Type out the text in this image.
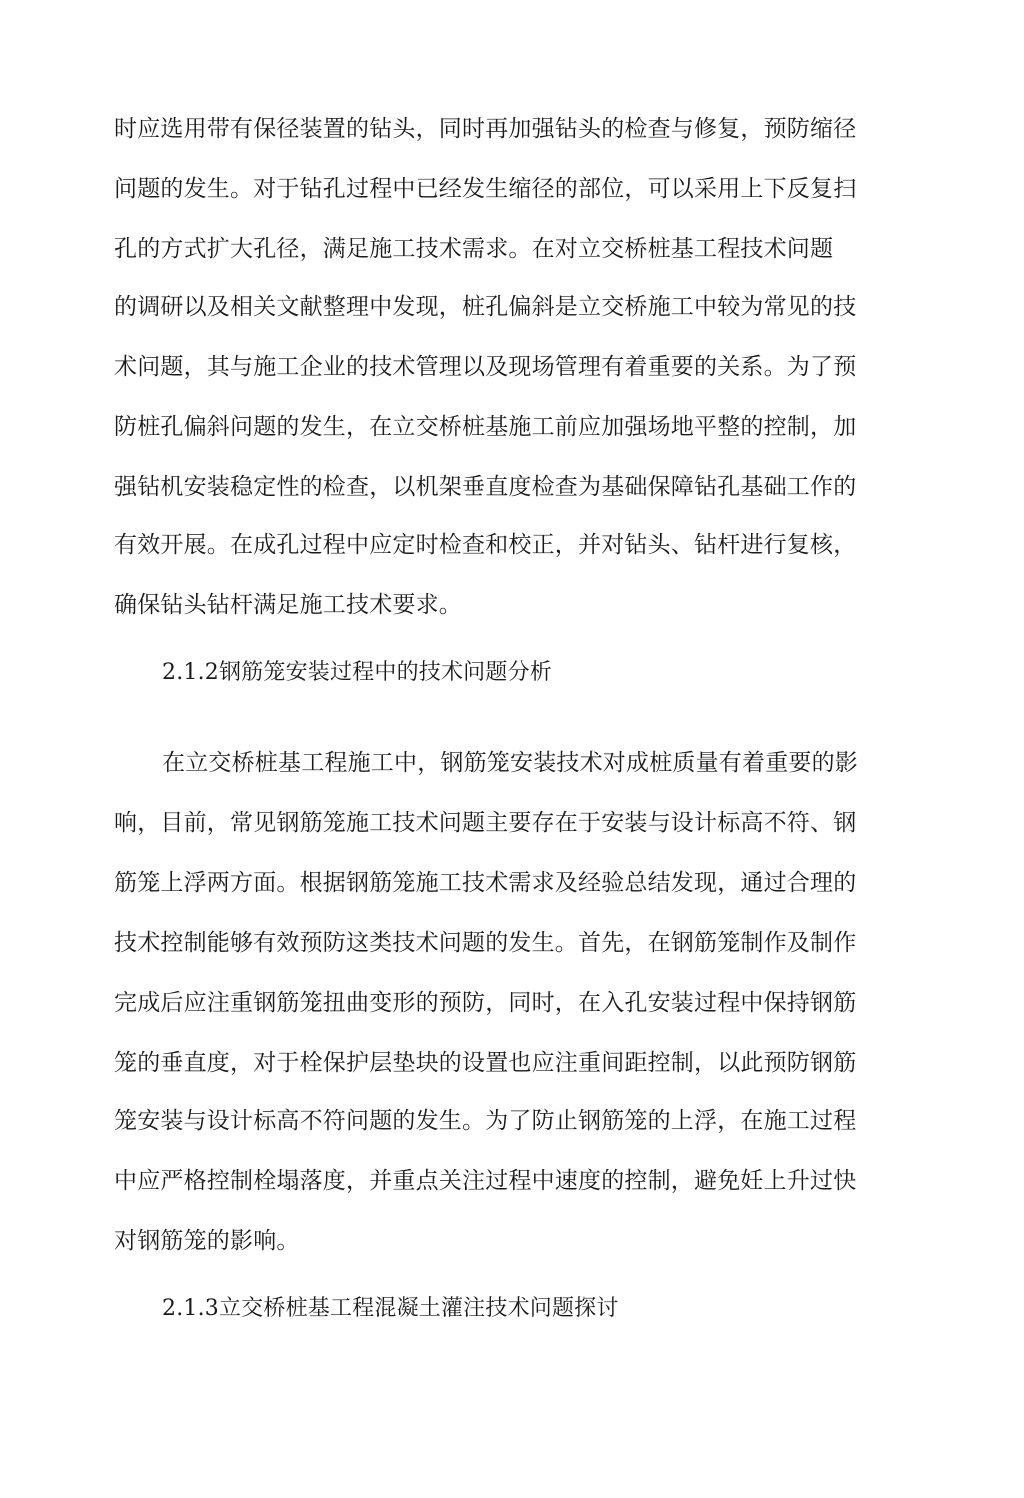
时应选用带有保径装置的钻头，同时再加强钻头的检查与修复，预防缩径
问题的发生。对于钻孔过程中已经发生缩径的部位，可以采用上下反复扫
孔的方式扩大孔径，满足施工技术需求。在对立交桥桩基工程技术问题
的调研以及相关文献整理中发现，桩孔偏斜是立交桥施工中较为常见的技
术问题，其与施工企业的技术管理以及现场管理有着重要的关系。为了预
防桩孔偏斜问题的发生，在立交桥桩基施工前应加强场地平整的控制，加
强钻机安装稳定性的检查，以机架垂直度检查为基础保障钻孔基础工作的
有效开展。在成孔过程中应定时检查和校正，并对钻头、钻杆进行复核，
确保钻头钻杆满足施工技术要求。
2.1.2钢筋笼安装过程中的技术问题分析
在立交桥桩基工程施工中，钢筋笼安装技术对成桩质量有着重要的影
响，目前，常见钢筋笼施工技术问题主要存在于安装与设计标高不符、钢
筋笼上浮两方面。根据钢筋笼施工技术需求及经验总结发现，通过合理的
技术控制能够有效预防这类技术问题的发生。首先，在钢筋笼制作及制作
完成后应注重钢筋笼扭曲变形的预防，同时，在入孔安装过程中保持钢筋
笼的垂直度，对于栓保护层垫块的设置也应注重间距控制，以此预防钢筋
笼安装与设计标高不符问题的发生。为了防止钢筋笼的上浮，在施工过程
中应严格控制栓塌落度，并重点关注过程中速度的控制，避免妊上升过快
对钢筋笼的影响。
2.1.3立交桥桩基工程混凝土灌注技术问题探讨
